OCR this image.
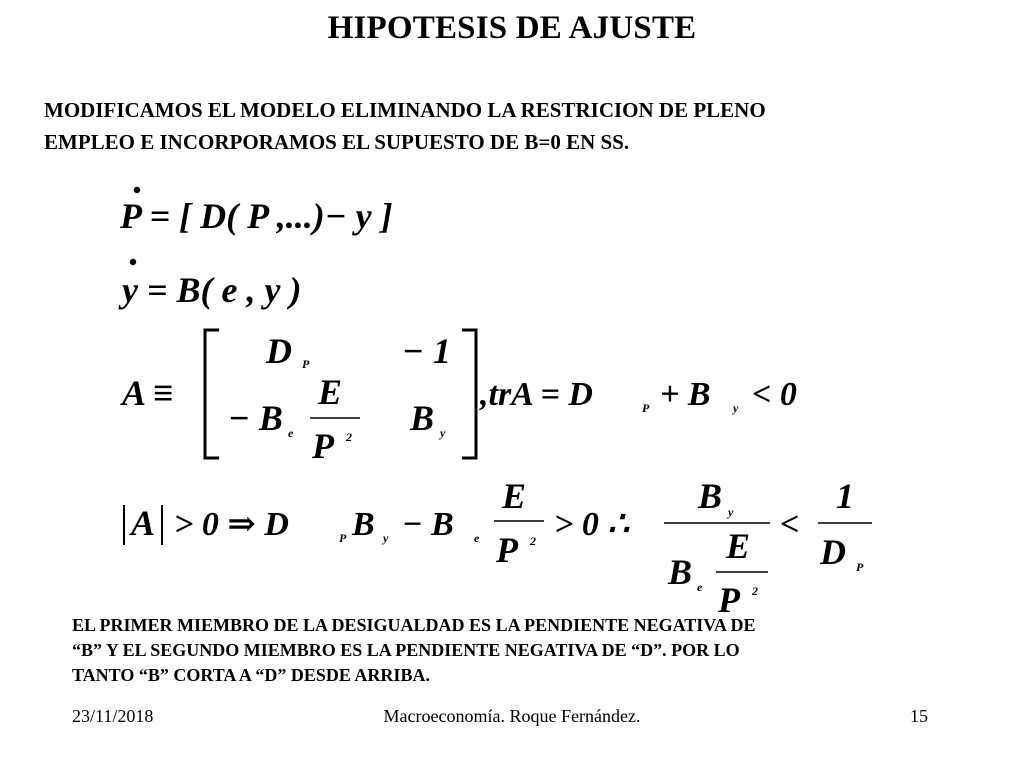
HIPOTESIS DE AJUSTE
MODIFICAMOS EL MODELO ELIMINANDO LA RESTRICION DE PLENO
EMPLEO E INCORPORAMOS EL SUPUESTO DE B=0 EN SS.
P = [ D( P ,...)− y ]
y = B( e , y )
A ≡
D P	− 1
− B e
E
P 2 B y
,trA = D	P + B y < 0
A > 0 ⇒ D	P B y − B e
E
P 2 > 0 ∴
B y
B e
E
P 2
<
1
D P
EL PRIMER MIEMBRO DE LA DESIGUALDAD ES LA PENDIENTE NEGATIVA DE
“B” Y EL SEGUNDO MIEMBRO ES LA PENDIENTE NEGATIVA DE “D”. POR LO
TANTO “B” CORTA A “D” DESDE ARRIBA.
23/11/2018	Macroeconomía. Roque Fernández.	15
